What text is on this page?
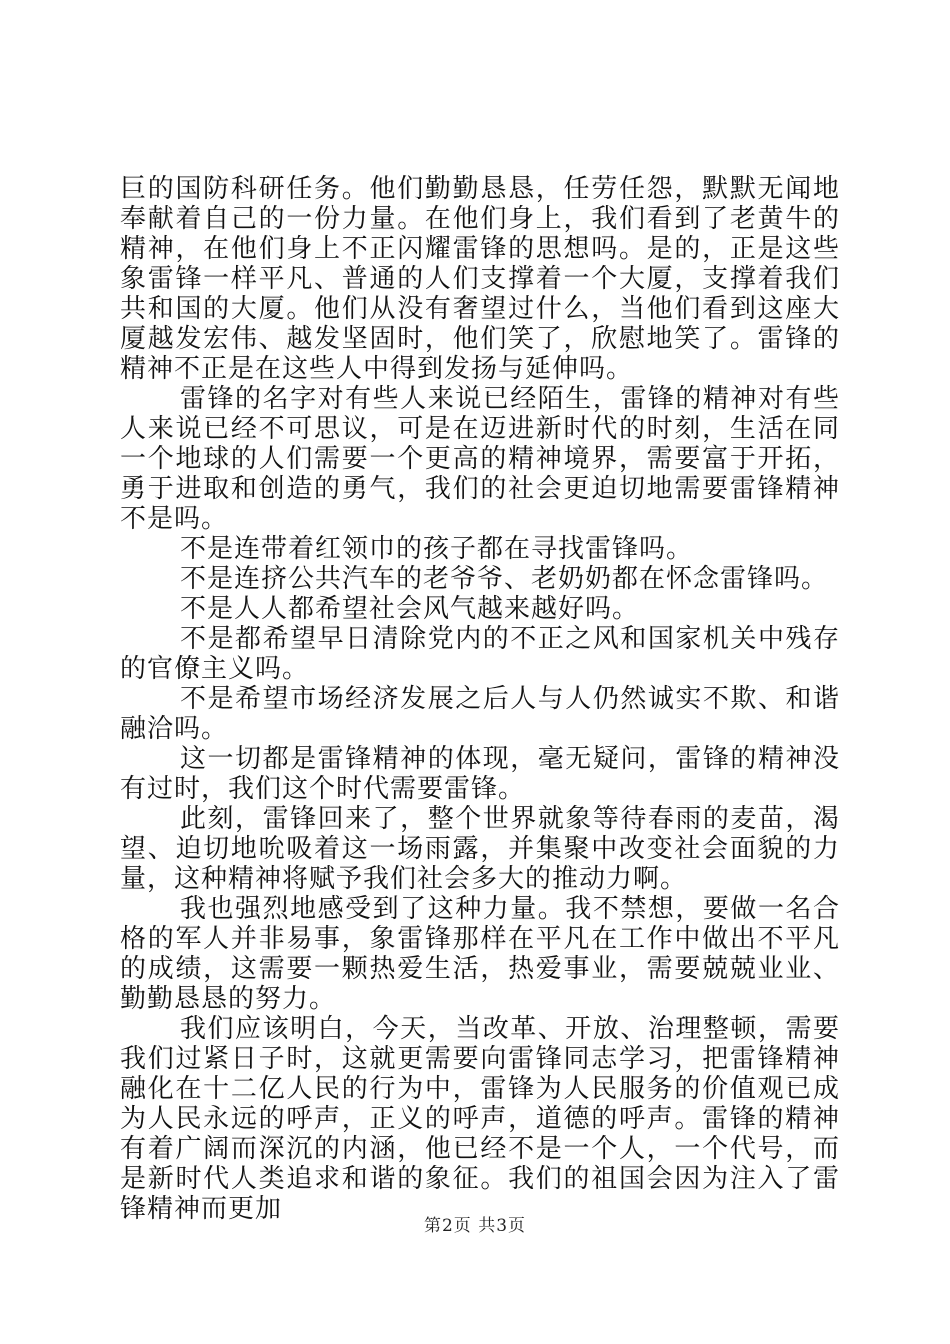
巨的国防科研任务。他们勤勤恳恳，任劳任怨，默默无闻地奉献着自己的一份力量。在他们身上，我们看到了老黄牛的精神，在他们身上不正闪耀雷锋的思想吗。是的，正是这些象雷锋一样平凡、普通的人们支撑着一个大厦，支撑着我们共和国的大厦。他们从没有奢望过什么，当他们看到这座大厦越发宏伟、越发坚固时，他们笑了，欣慰地笑了。雷锋的精神不正是在这些人中得到发扬与延伸吗。

雷锋的名字对有些人来说已经陌生，雷锋的精神对有些人来说已经不可思议，可是在迈进新时代的时刻，生活在同一个地球的人们需要一个更高的精神境界，需要富于开拓，勇于进取和创造的勇气，我们的社会更迫切地需要雷锋精神不是吗。

不是连带着红领巾的孩子都在寻找雷锋吗。

不是连挤公共汽车的老爷爷、老奶奶都在怀念雷锋吗。

不是人人都希望社会风气越来越好吗。

不是都希望早日清除党内的不正之风和国家机关中残存的官僚主义吗。

不是希望市场经济发展之后人与人仍然诚实不欺、和谐融洽吗。

这一切都是雷锋精神的体现，毫无疑问，雷锋的精神没有过时，我们这个时代需要雷锋。

此刻，雷锋回来了，整个世界就象等待春雨的麦苗，渴望、迫切地吮吸着这一场雨露，并集聚中改变社会面貌的力量，这种精神将赋予我们社会多大的推动力啊。

我也强烈地感受到了这种力量。我不禁想，要做一名合格的军人并非易事，象雷锋那样在平凡在工作中做出不平凡的成绩，这需要一颗热爱生活，热爱事业，需要兢兢业业、勤勤恳恳的努力。

我们应该明白，今天，当改革、开放、治理整顿，需要我们过紧日子时，这就更需要向雷锋同志学习，把雷锋精神融化在十二亿人民的行为中，雷锋为人民服务的价值观已成为人民永远的呼声，正义的呼声，道德的呼声。雷锋的精神有着广阔而深沉的内涵，他已经不是一个人，一个代号，而是新时代人类追求和谐的象征。我们的祖国会因为注入了雷锋精神而更加

第2页 共3页
